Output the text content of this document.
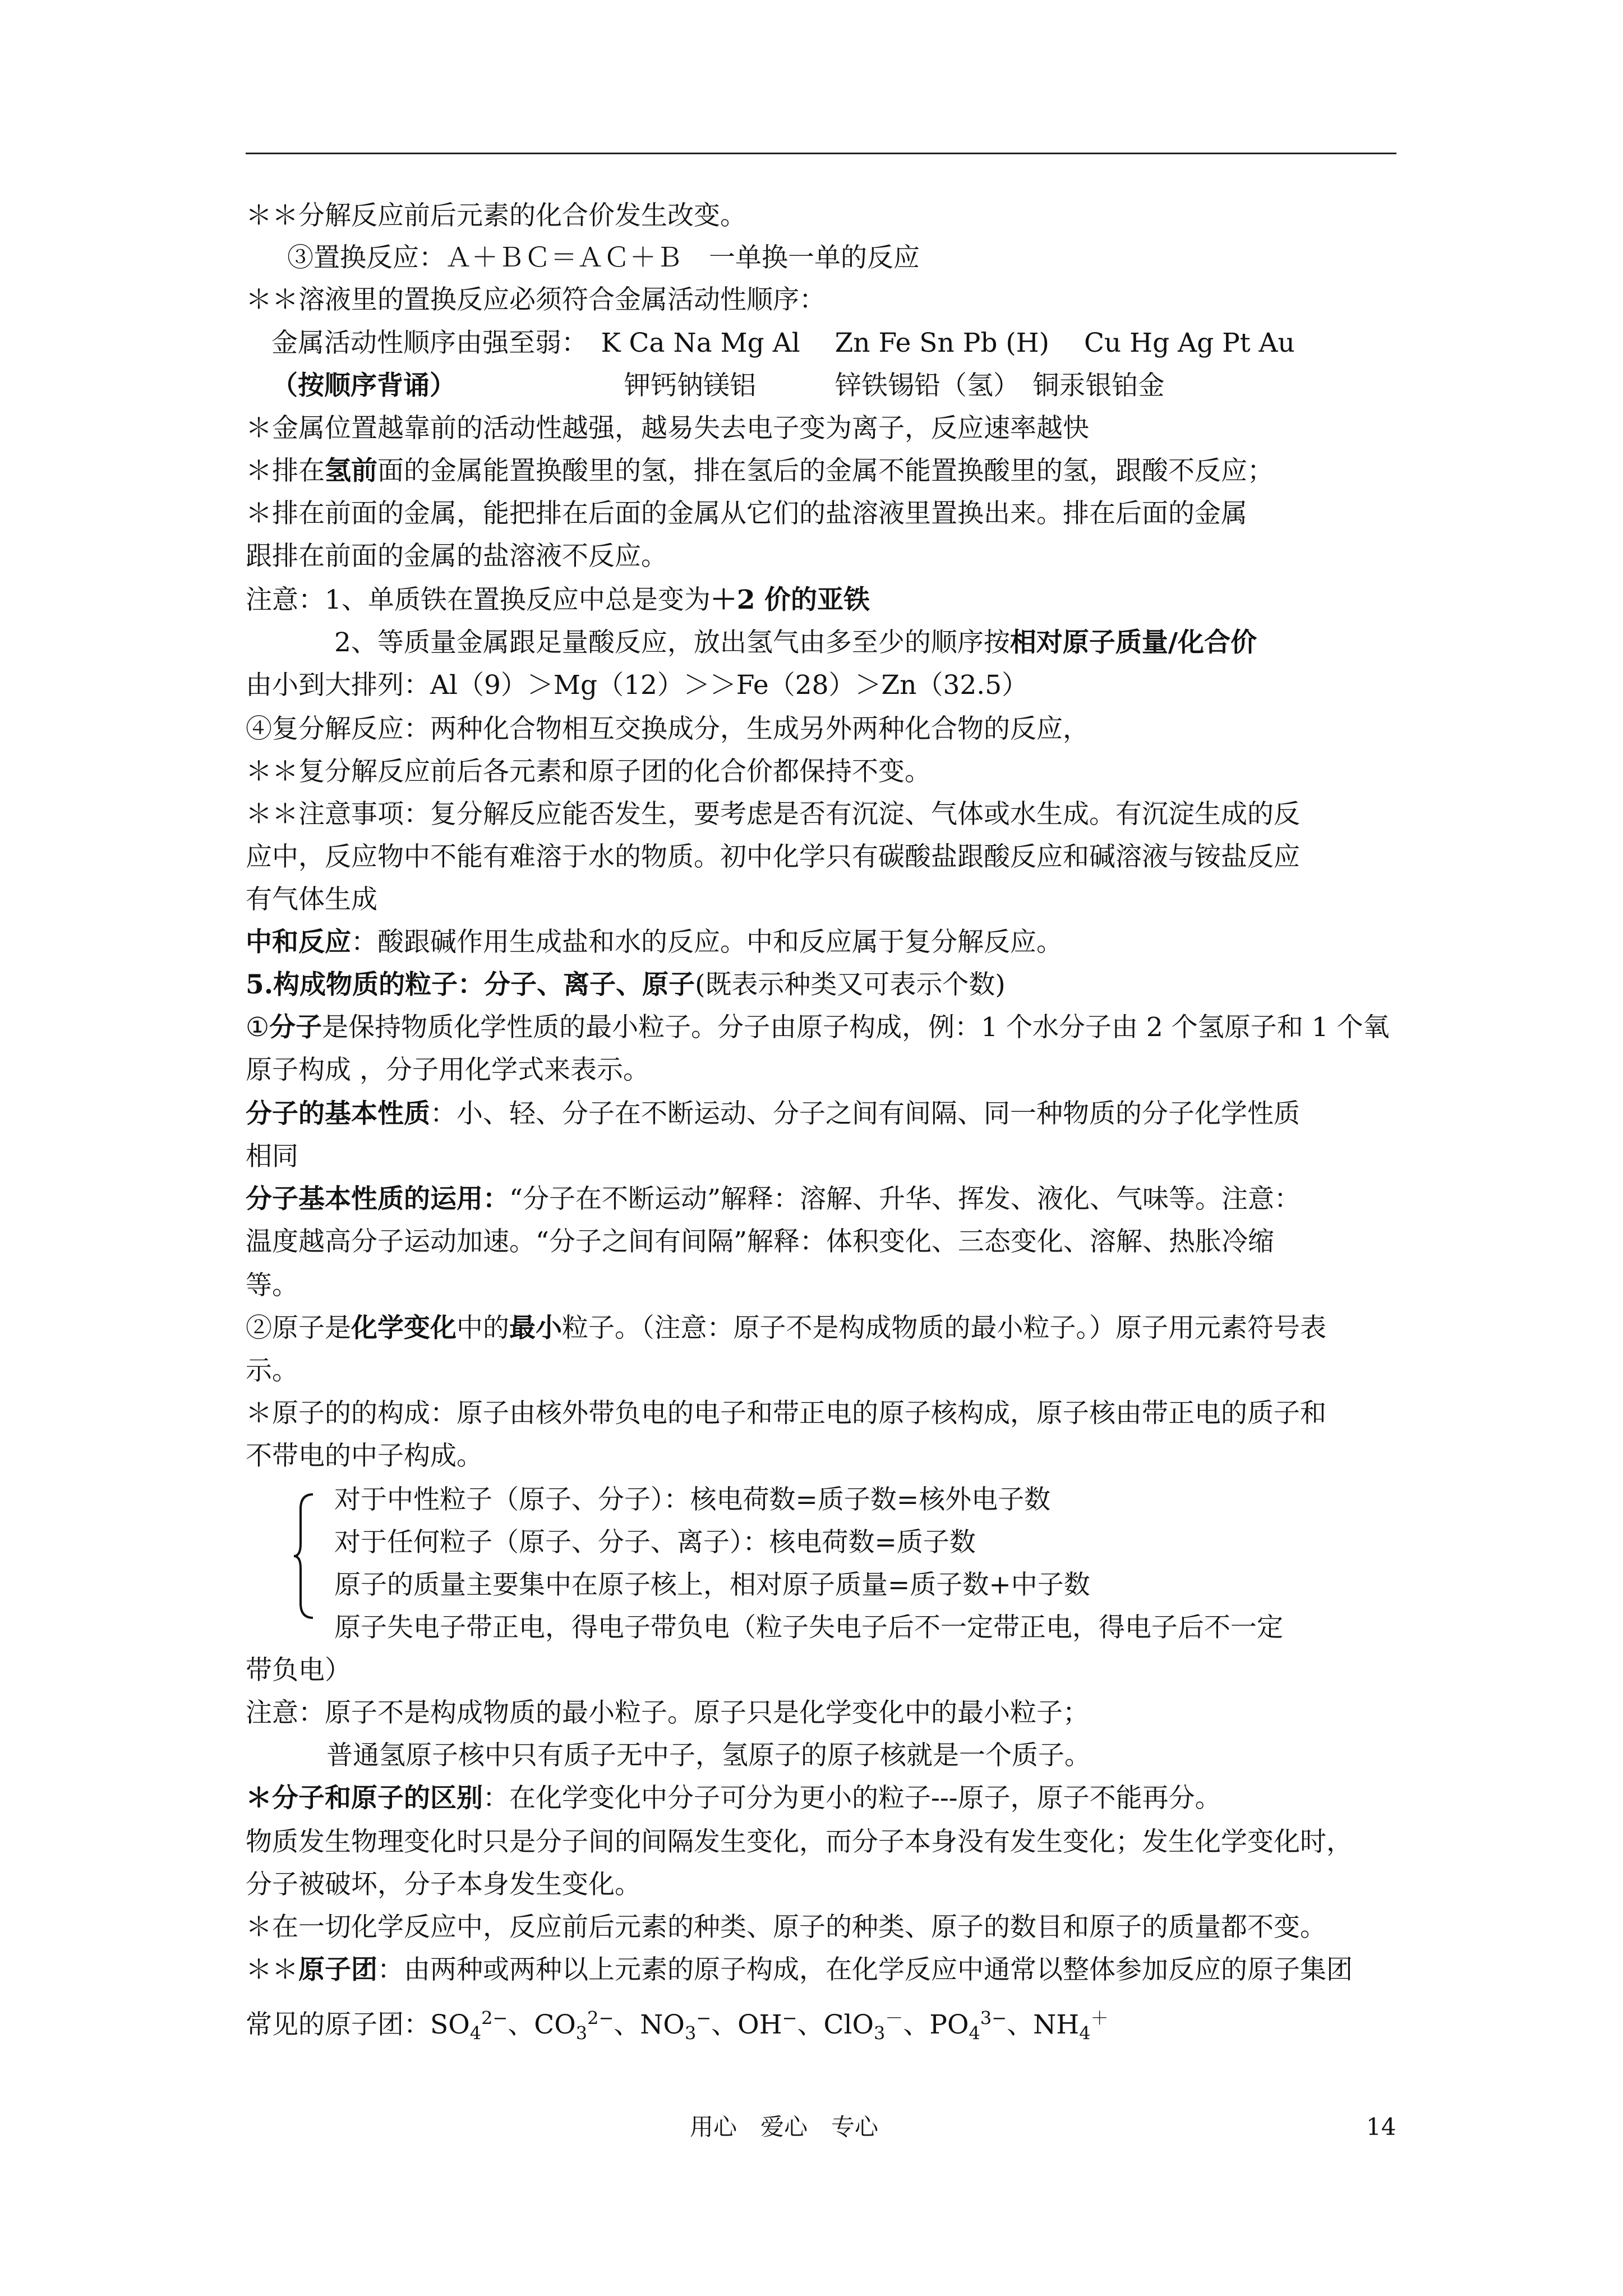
＊＊分解反应前后元素的化合价发生改变。
③置换反应：Ａ＋ＢＣ＝ＡＣ＋Ｂ　一单换一单的反应
＊＊溶液里的置换反应必须符合金属活动性顺序：
金属活动性顺序由强至弱：　K Ca Na Mg Al　 Zn Fe Sn Pb (H)　 Cu Hg Ag Pt Au
（按顺序背诵）	钾钙钠镁铝　　　锌铁锡铅（氢）　铜汞银铂金
＊金属位置越靠前的活动性越强，越易失去电子变为离子，反应速率越快
＊排在氢前面的金属能置换酸里的氢，排在氢后的金属不能置换酸里的氢，跟酸不反应；
＊排在前面的金属，能把排在后面的金属从它们的盐溶液里置换出来。排在后面的金属
跟排在前面的金属的盐溶液不反应。
注意：1、单质铁在置换反应中总是变为＋2 价的亚铁
2、等质量金属跟足量酸反应，放出氢气由多至少的顺序按相对原子质量/化合价
由小到大排列：Al（9）＞Mg（12）＞＞Fe（28）＞Zn（32.5）
④复分解反应：两种化合物相互交换成分，生成另外两种化合物的反应，
＊＊复分解反应前后各元素和原子团的化合价都保持不变。
＊＊注意事项：复分解反应能否发生，要考虑是否有沉淀、气体或水生成。有沉淀生成的反
应中，反应物中不能有难溶于水的物质。初中化学只有碳酸盐跟酸反应和碱溶液与铵盐反应
有气体生成
中和反应：酸跟碱作用生成盐和水的反应。中和反应属于复分解反应。
5.构成物质的粒子：分子、离子、原子(既表示种类又可表示个数)
①分子是保持物质化学性质的最小粒子。分子由原子构成，例：1 个水分子由 2 个氢原子和 1 个氧
原子构成 ，分子用化学式来表示。
分子的基本性质：小、轻、分子在不断运动、分子之间有间隔、同一种物质的分子化学性质
相同
分子基本性质的运用：“分子在不断运动”解释：溶解、升华、挥发、液化、气味等。注意：
温度越高分子运动加速。“分子之间有间隔”解释：体积变化、三态变化、溶解、热胀冷缩
等。
②原子是化学变化中的最小粒子。（注意：原子不是构成物质的最小粒子。）原子用元素符号表
示。
＊原子的的构成：原子由核外带负电的电子和带正电的原子核构成，原子核由带正电的质子和
不带电的中子构成。
对于中性粒子（原子、分子）：核电荷数=质子数=核外电子数
对于任何粒子（原子、分子、离子）：核电荷数=质子数
原子的质量主要集中在原子核上，相对原子质量=质子数+中子数
原子失电子带正电，得电子带负电（粒子失电子后不一定带正电，得电子后不一定
带负电）
注意：原子不是构成物质的最小粒子。原子只是化学变化中的最小粒子；
普通氢原子核中只有质子无中子，氢原子的原子核就是一个质子。
＊分子和原子的区别：在化学变化中分子可分为更小的粒子---原子，原子不能再分。
物质发生物理变化时只是分子间的间隔发生变化，而分子本身没有发生变化；发生化学变化时，
分子被破坏，分子本身发生变化。
＊在一切化学反应中，反应前后元素的种类、原子的种类、原子的数目和原子的质量都不变。
＊＊原子团：由两种或两种以上元素的原子构成，在化学反应中通常以整体参加反应的原子集团
常见的原子团：$SO_4^{2-}$、$CO_3^{2-}$、$NO_3^-$、OH−、ClO$_3$－、$PO_4^{3-}$、$NH_4^+$
用心　爱心　专心	14
